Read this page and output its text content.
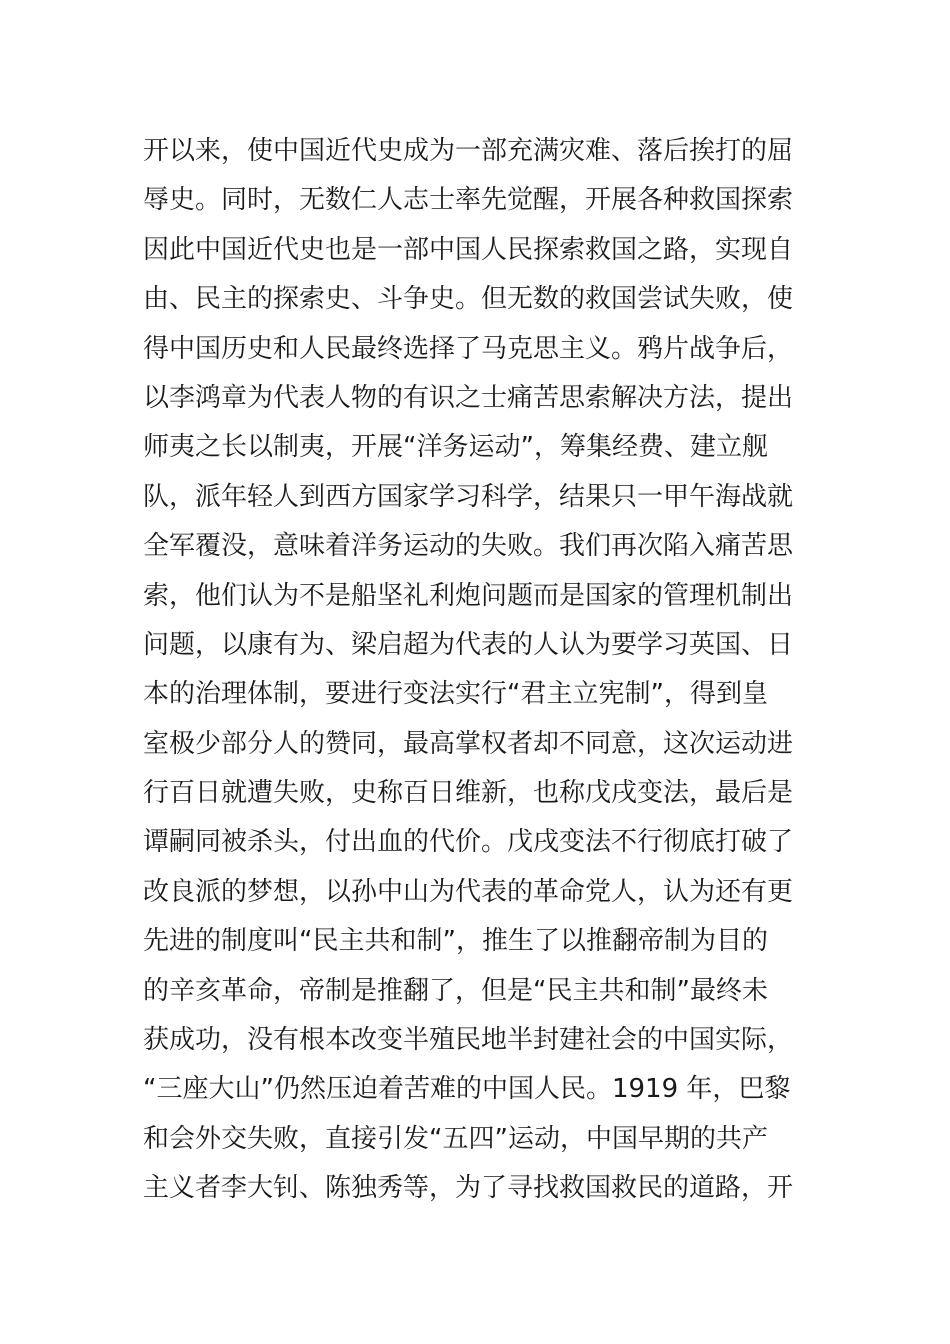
开以来，使中国近代史成为一部充满灾难、落后挨打的屈
辱史。同时，无数仁人志士率先觉醒，开展各种救国探索
因此中国近代史也是一部中国人民探索救国之路，实现自
由、民主的探索史、斗争史。但无数的救国尝试失败，使
得中国历史和人民最终选择了马克思主义。鸦片战争后，
以李鸿章为代表人物的有识之士痛苦思索解决方法，提出
师夷之长以制夷，开展“洋务运动”，筹集经费、建立舰
队，派年轻人到西方国家学习科学，结果只一甲午海战就
全军覆没，意味着洋务运动的失败。我们再次陷入痛苦思
索，他们认为不是船坚礼利炮问题而是国家的管理机制出
问题，以康有为、梁启超为代表的人认为要学习英国、日
本的治理体制，要进行变法实行“君主立宪制”，得到皇
室极少部分人的赞同，最高掌权者却不同意，这次运动进
行百日就遭失败，史称百日维新，也称戊戌变法，最后是
谭嗣同被杀头，付出血的代价。戊戌变法不行彻底打破了
改良派的梦想，以孙中山为代表的革命党人，认为还有更
先进的制度叫“民主共和制”，推生了以推翻帝制为目的
的辛亥革命，帝制是推翻了，但是“民主共和制”最终未
获成功，没有根本改变半殖民地半封建社会的中国实际，
“三座大山”仍然压迫着苦难的中国人民。1919 年，巴黎
和会外交失败，直接引发“五四”运动，中国早期的共产
主义者李大钊、陈独秀等，为了寻找救国救民的道路，开
